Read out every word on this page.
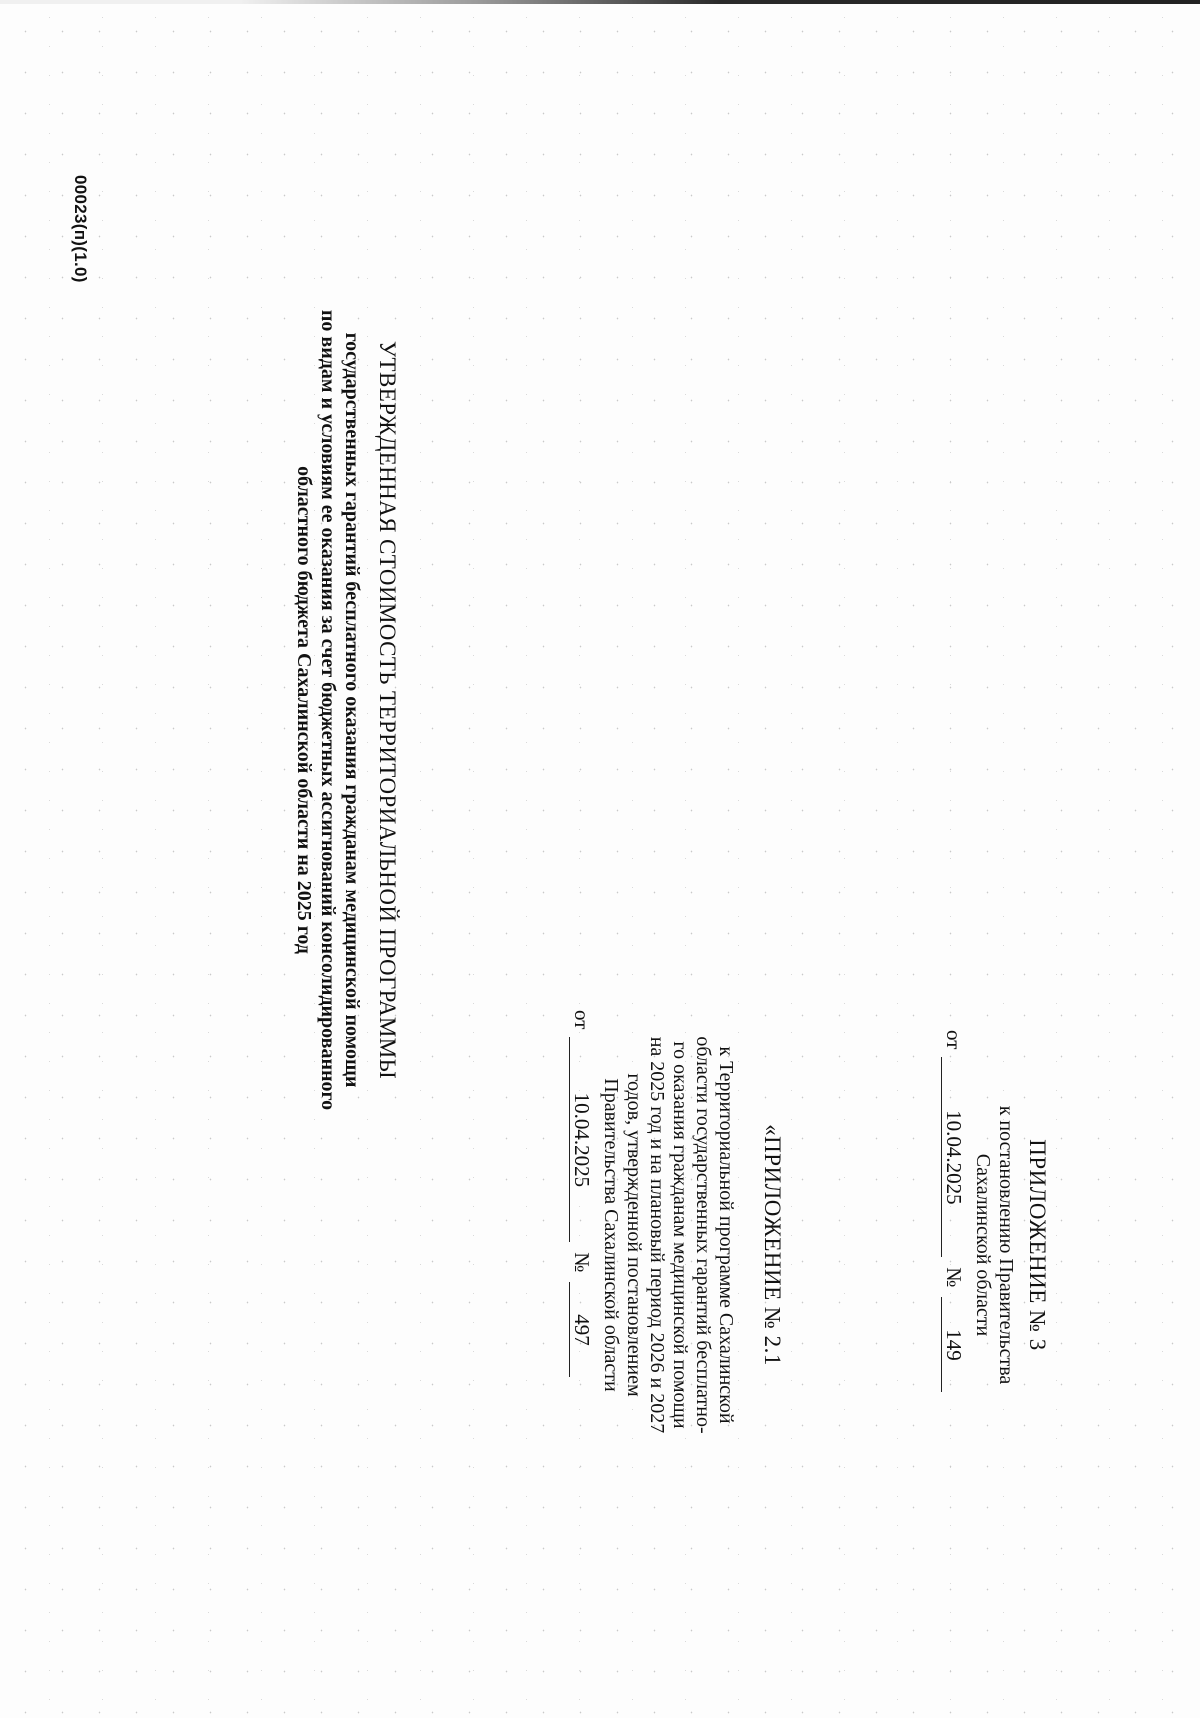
ПРИЛОЖЕНИЕ № 3
к постановлению Правительства
Сахалинской области
от
10.04.2025
№
149
«ПРИЛОЖЕНИЕ № 2.1
к Территориальной программе Сахалинской
области государственных гарантий бесплатно-
го оказания гражданам медицинской помощи
на 2025 год и на плановый период 2026 и 2027
годов, утвержденной постановлением
Правительства Сахалинской области
от
10.04.2025
№
497
УТВЕРЖДЕННАЯ СТОИМОСТЬ ТЕРРИТОРИАЛЬНОЙ ПРОГРАММЫ
государственных гарантий бесплатного оказания гражданам медицинской помощи
по видам и условиям ее оказания за счет бюджетных ассигнований консолидированного
областного бюджета Сахалинской области на 2025 год
00023(п)(1.0)
